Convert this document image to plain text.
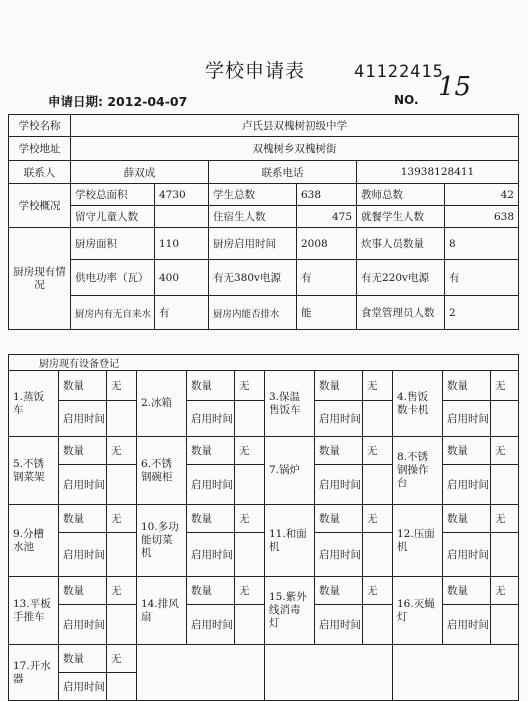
学校申请表	41122415
15
申请日期: 2012-04-07	NO.
学校名称	卢氏县双槐树初级中学					
学校地址	双槐树乡双槐树街					
联系人	薛双成		联系电话		13938128411	
学校概况	学校总面积	4730	学生总数	638	教师总数	42
	留守儿童人数		住宿生人数	475	就餐学生人数	638
厨房现有情况	厨房面积	110	厨房启用时间	2008	炊事人员数量	8
	供电功率（瓦）	400	有无380v电源	有	有无220v电源	有
	厨房内有无自来水	有	厨房内能否排水	能	食堂管理员人数	2
厨房现有设备登记											
1.蒸饭车	数量	无	2.冰箱	数量	无	3.保温售饭车	数量	无	4.售饭数卡机	数量	无
	启用时间			启用时间			启用时间			启用时间	
5.不锈钢菜架	数量	无	6.不锈钢碗柜	数量	无	7.锅炉	数量	无	8.不锈钢操作台	数量	无
	启用时间			启用时间			启用时间			启用时间	
9.分槽水池	数量	无	10.多功能切菜机	数量	无	11.和面机	数量	无	12.压面机	数量	无
	启用时间			启用时间			启用时间			启用时间	
13.平板手推车	数量	无	14.排风扇	数量	无	15.紫外线消毒灯	数量	无	16.灭蝇灯	数量	无
	启用时间			启用时间			启用时间			启用时间	
17.开水器	数量	无									
	启用时间										
